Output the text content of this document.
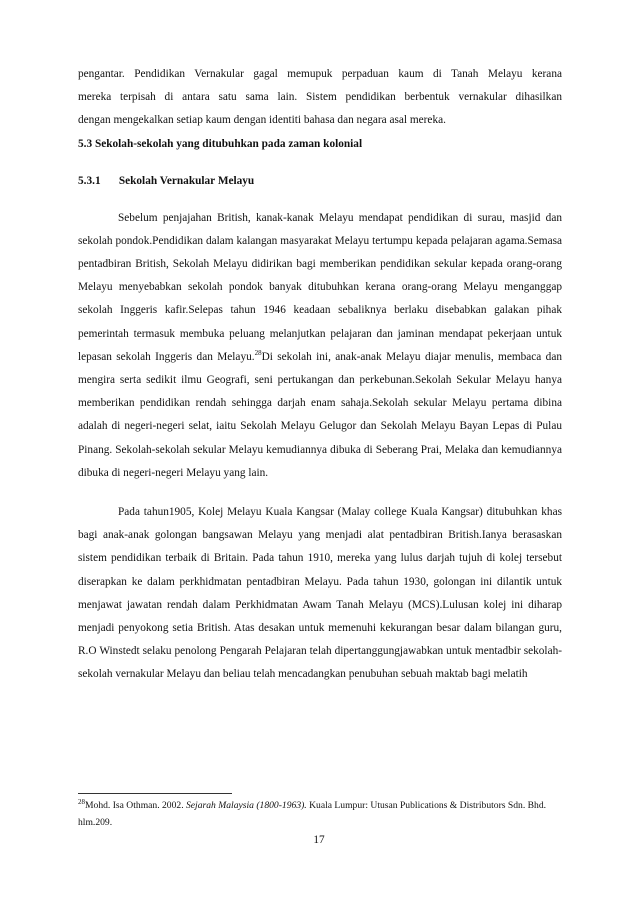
pengantar. Pendidikan Vernakular gagal memupuk perpaduan kaum di Tanah Melayu kerana

mereka terpisah di antara satu sama lain. Sistem pendidikan berbentuk vernakular dihasilkan

dengan mengekalkan setiap kaum dengan identiti bahasa dan negara asal mereka.

5.3 Sekolah-sekolah yang ditubuhkan pada zaman kolonial

5.3.1 Sekolah Vernakular Melayu

Sebelum penjajahan British, kanak-kanak Melayu mendapat pendidikan di surau, masjid dan sekolah pondok.Pendidikan dalam kalangan masyarakat Melayu tertumpu kepada pelajaran agama.Semasa pentadbiran British, Sekolah Melayu didirikan bagi memberikan pendidikan sekular kepada orang-orang Melayu menyebabkan sekolah pondok banyak ditubuhkan kerana orang-orang Melayu menganggap sekolah Inggeris kafir.Selepas tahun 1946 keadaan sebaliknya berlaku disebabkan galakan pihak pemerintah termasuk membuka peluang melanjutkan pelajaran dan jaminan mendapat pekerjaan untuk lepasan sekolah Inggeris dan Melayu.$^{28}$Di sekolah ini, anak-anak Melayu diajar menulis, membaca dan mengira serta sedikit ilmu Geografi, seni pertukangan dan perkebunan.Sekolah Sekular Melayu hanya memberikan pendidikan rendah sehingga darjah enam sahaja.Sekolah sekular Melayu pertama dibina adalah di negeri-negeri selat, iaitu Sekolah Melayu Gelugor dan Sekolah Melayu Bayan Lepas di Pulau Pinang. Sekolah-sekolah sekular Melayu kemudiannya dibuka di Seberang Prai, Melaka dan kemudiannya dibuka di negeri-negeri Melayu yang lain.

Pada tahun1905, Kolej Melayu Kuala Kangsar (Malay college Kuala Kangsar) ditubuhkan khas bagi anak-anak golongan bangsawan Melayu yang menjadi alat pentadbiran British.Ianya berasaskan sistem pendidikan terbaik di Britain. Pada tahun 1910, mereka yang lulus darjah tujuh di kolej tersebut diserapkan ke dalam perkhidmatan pentadbiran Melayu. Pada tahun 1930, golongan ini dilantik untuk menjawat jawatan rendah dalam Perkhidmatan Awam Tanah Melayu (MCS).Lulusan kolej ini diharap menjadi penyokong setia British. Atas desakan untuk memenuhi kekurangan besar dalam bilangan guru, R.O Winstedt selaku penolong Pengarah Pelajaran telah dipertanggungjawabkan untuk mentadbir sekolah-sekolah vernakular Melayu dan beliau telah mencadangkan penubuhan sebuah maktab bagi melatih

$^{28}$Mohd. Isa Othman. 2002. Sejarah Malaysia (1800-1963). Kuala Lumpur: Utusan Publications & Distributors Sdn. Bhd. hlm.209.
17
